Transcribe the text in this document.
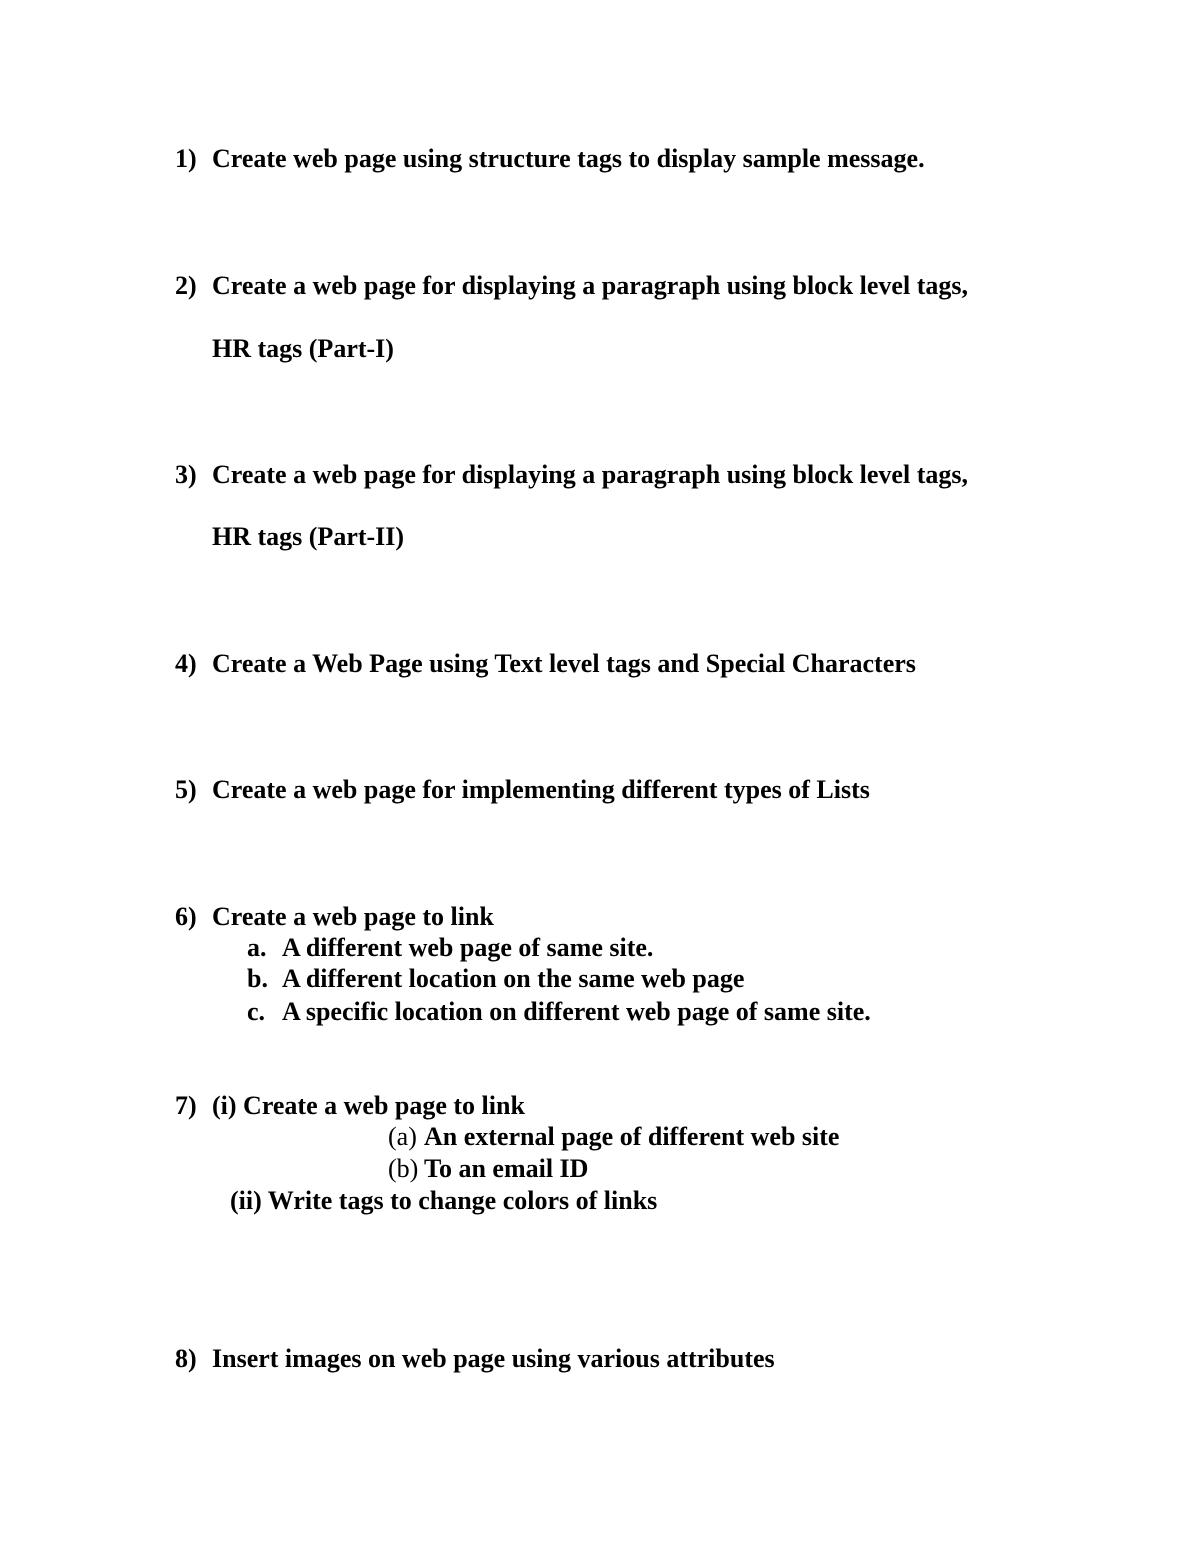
1) Create web page using structure tags to display sample message.
2) Create a web page for displaying a paragraph using block level tags,
HR tags (Part-I)
3) Create a web page for displaying a paragraph using block level tags,
HR tags (Part-II)
4) Create a Web Page using Text level tags and Special Characters
5) Create a web page for implementing different types of Lists
6) Create a web page to link
a. A different web page of same site.
b. A different location on the same web page
c. A specific location on different web page of same site.
7) (i) Create a web page to link
(a) An external page of different web site
(b) To an email ID
(ii) Write tags to change colors of links
8) Insert images on web page using various attributes
